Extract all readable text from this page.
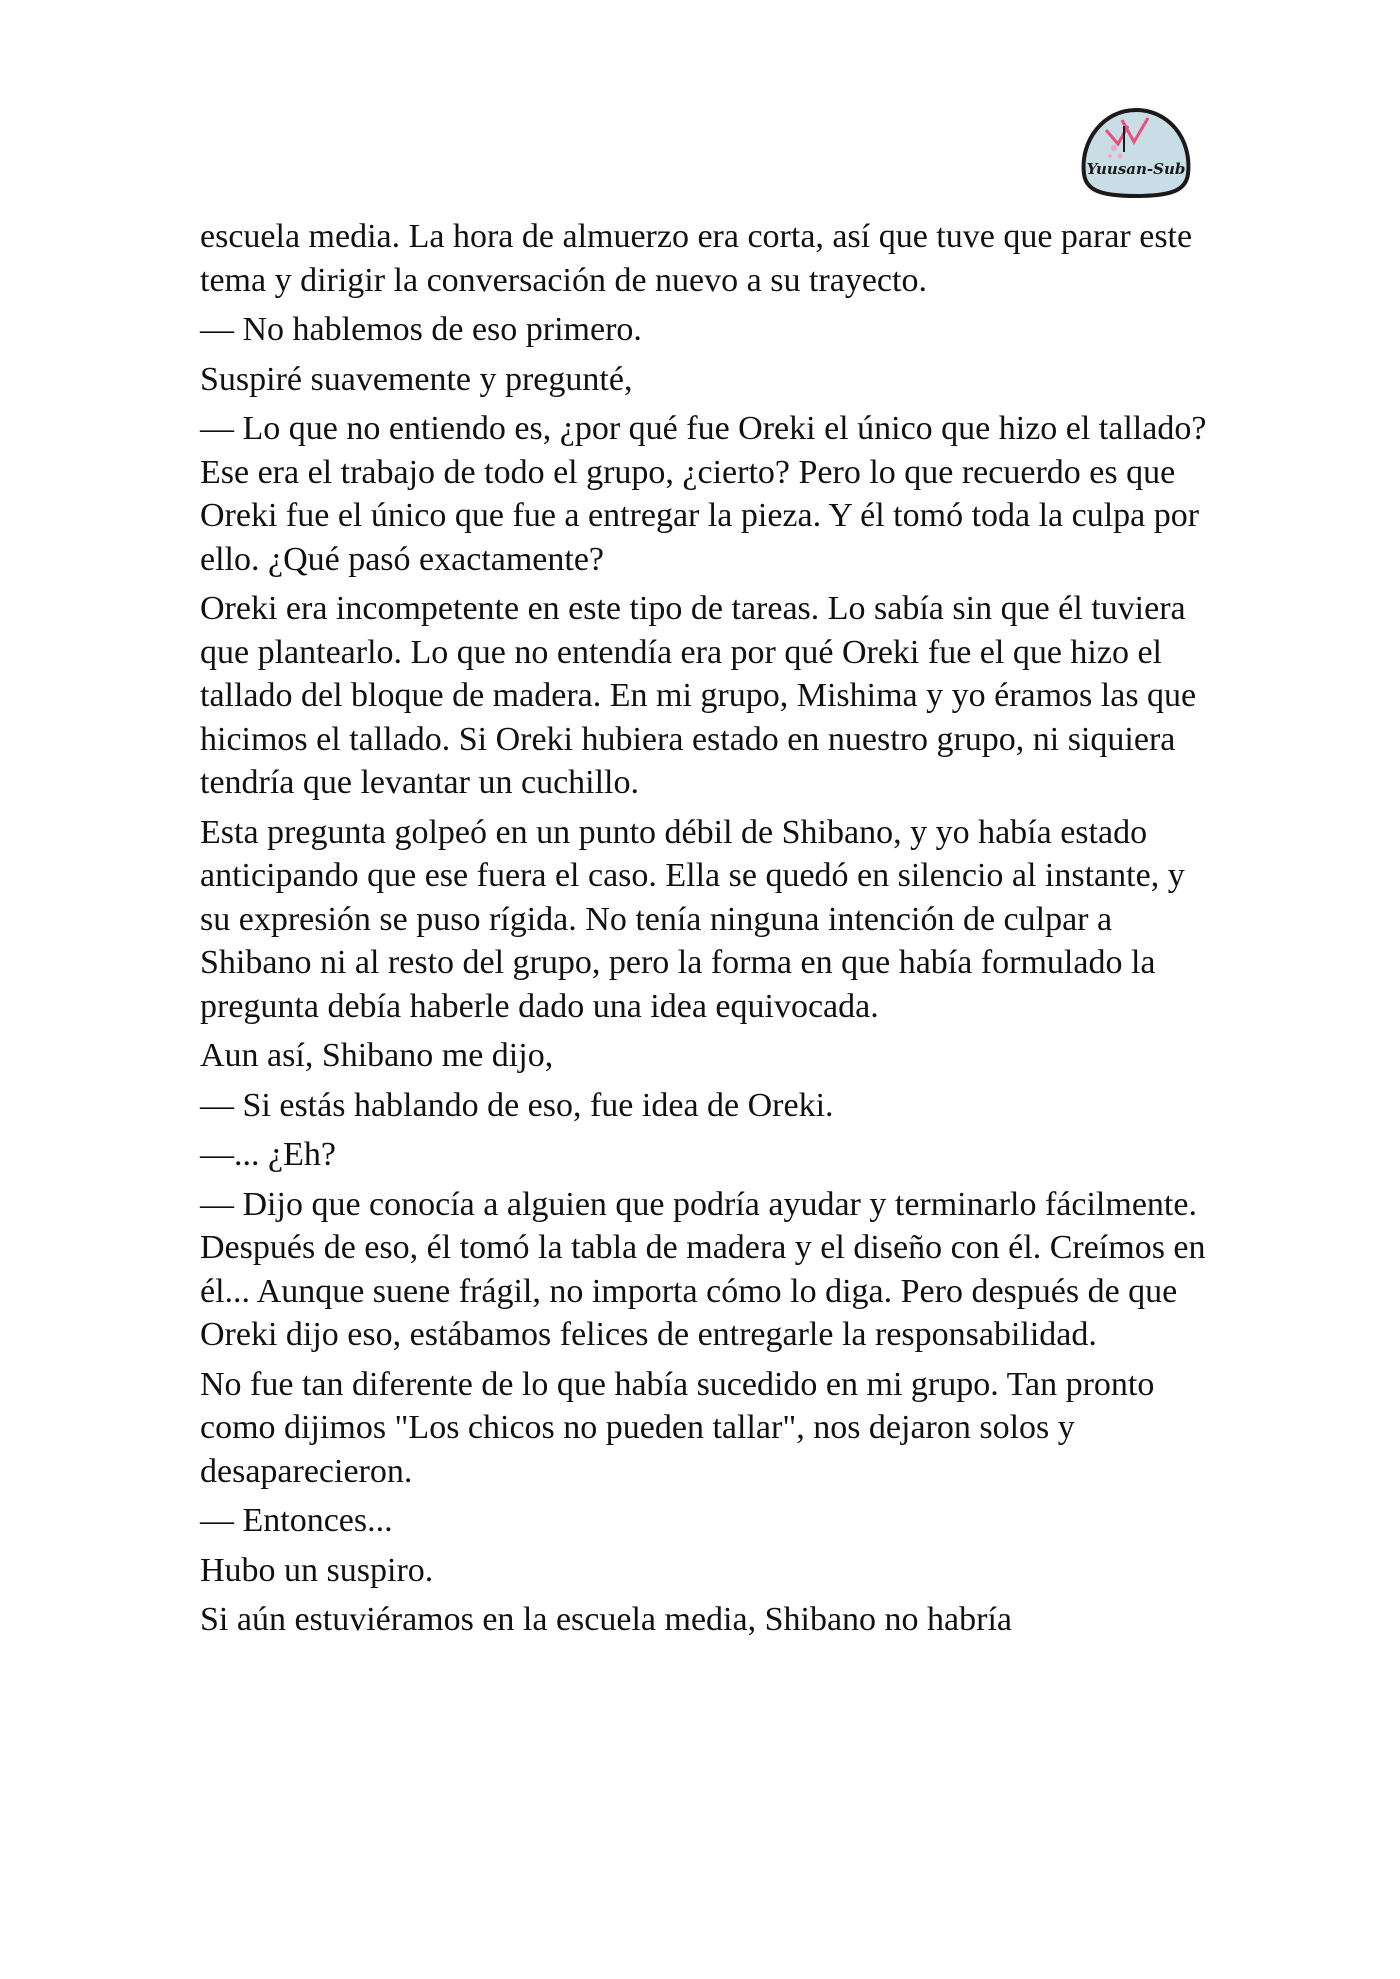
Yuusan-Sub

escuela media. La hora de almuerzo era corta, así que tuve que parar este tema y dirigir la conversación de nuevo a su trayecto.

— No hablemos de eso primero.

Suspiré suavemente y pregunté,

— Lo que no entiendo es, ¿por qué fue Oreki el único que hizo el tallado? Ese era el trabajo de todo el grupo, ¿cierto? Pero lo que recuerdo es que Oreki fue el único que fue a entregar la pieza. Y él tomó toda la culpa por ello. ¿Qué pasó exactamente?

Oreki era incompetente en este tipo de tareas. Lo sabía sin que él tuviera que plantearlo. Lo que no entendía era por qué Oreki fue el que hizo el tallado del bloque de madera. En mi grupo, Mishima y yo éramos las que hicimos el tallado. Si Oreki hubiera estado en nuestro grupo, ni siquiera tendría que levantar un cuchillo.

Esta pregunta golpeó en un punto débil de Shibano, y yo había estado anticipando que ese fuera el caso. Ella se quedó en silencio al instante, y su expresión se puso rígida. No tenía ninguna intención de culpar a Shibano ni al resto del grupo, pero la forma en que había formulado la pregunta debía haberle dado una idea equivocada.

Aun así, Shibano me dijo,

— Si estás hablando de eso, fue idea de Oreki.

—... ¿Eh?

— Dijo que conocía a alguien que podría ayudar y terminarlo fácilmente. Después de eso, él tomó la tabla de madera y el diseño con él. Creímos en él... Aunque suene frágil, no importa cómo lo diga. Pero después de que Oreki dijo eso, estábamos felices de entregarle la responsabilidad.

No fue tan diferente de lo que había sucedido en mi grupo. Tan pronto como dijimos "Los chicos no pueden tallar", nos dejaron solos y desaparecieron.

— Entonces...

Hubo un suspiro.

Si aún estuviéramos en la escuela media, Shibano no habría
